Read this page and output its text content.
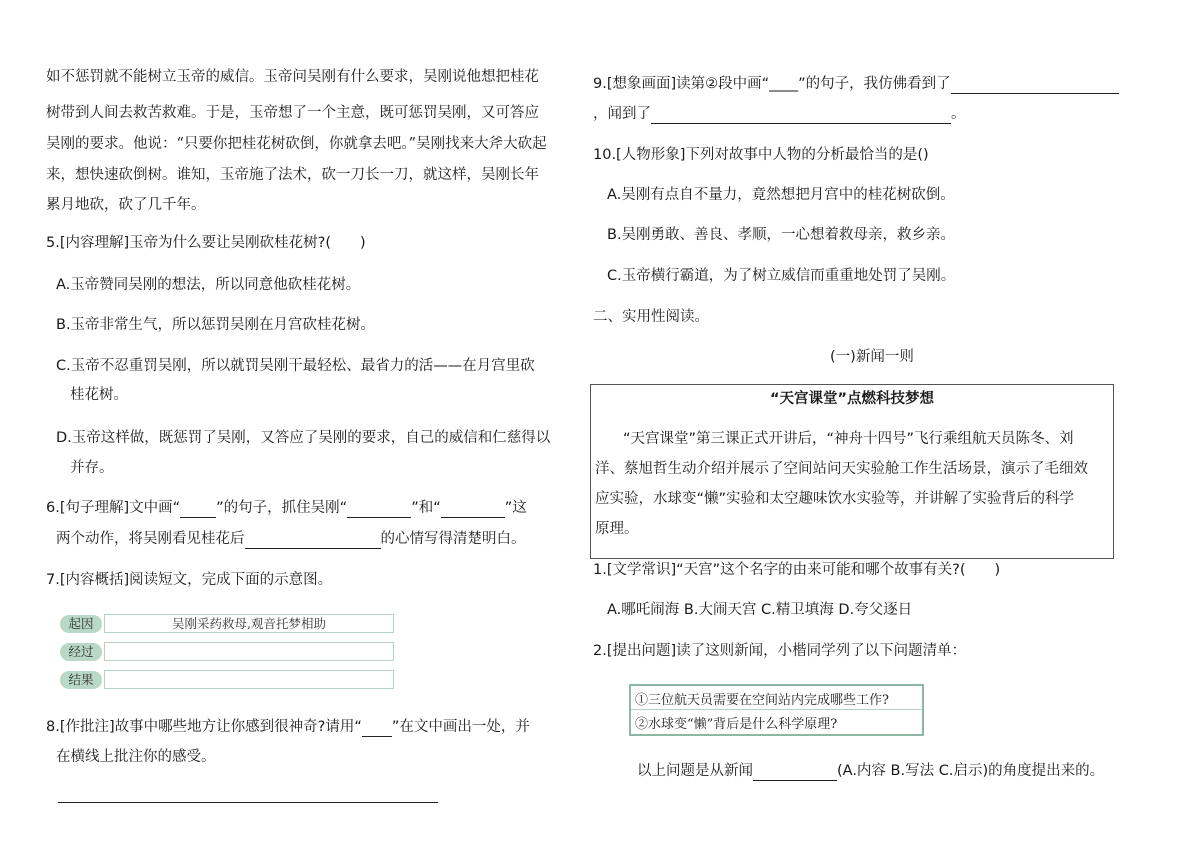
如不惩罚就不能树立玉帝的威信。玉帝问吴刚有什么要求，吴刚说他想把桂花
树带到人间去救苦救难。于是，玉帝想了一个主意，既可惩罚吴刚，又可答应
吴刚的要求。他说：“只要你把桂花树砍倒，你就拿去吧。”吴刚找来大斧大砍起
来，想快速砍倒树。谁知，玉帝施了法术，砍一刀长一刀，就这样，吴刚长年
累月地砍，砍了几千年。
5.[内容理解]玉帝为什么要让吴刚砍桂花树?(　　)
A.玉帝赞同吴刚的想法，所以同意他砍桂花树。
B.玉帝非常生气，所以惩罚吴刚在月宫砍桂花树。
C.玉帝不忍重罚吴刚，所以就罚吴刚干最轻松、最省力的活——在月宫里砍
桂花树。
D.玉帝这样做，既惩罚了吴刚，又答应了吴刚的要求，自己的威信和仁慈得以
并存。
6.[句子理解]文中画“ ”的句子，抓住吴刚“	”和“	”这
两个动作，将吴刚看见桂花后	的心情写得清楚明白。
7.[内容概括]阅读短文，完成下面的示意图。
起因	吴刚采药救母,观音托梦相助
经过
结果
8.[作批注]故事中哪些地方让你感到很神奇?请用“ ”在文中画出一处，并
在横线上批注你的感受。
9.[想象画面]读第②段中画“____”的句子，我仿佛看到了
，闻到了	。
10.[人物形象]下列对故事中人物的分析最恰当的是()
A.吴刚有点自不量力，竟然想把月宫中的桂花树砍倒。
B.吴刚勇敢、善良、孝顺，一心想着救母亲，救乡亲。
C.玉帝横行霸道，为了树立威信而重重地处罚了吴刚。
二、实用性阅读。
(一)新闻一则
“天宫课堂”点燃科技梦想
“天宫课堂”第三课正式开讲后，“神舟十四号”飞行乘组航天员陈冬、刘
洋、蔡旭哲生动介绍并展示了空间站问天实验舱工作生活场景，演示了毛细效
应实验，水球变“懒”实验和太空趣味饮水实验等，并讲解了实验背后的科学
原理。
1.[文学常识]“天宫”这个名字的由来可能和哪个故事有关?(　　)
A.哪吒闹海 B.大闹天宫 C.精卫填海 D.夸父逐日
2.[提出问题]读了这则新闻，小楷同学列了以下问题清单：
①三位航天员需要在空间站内完成哪些工作?
②水球变“懒”背后是什么科学原理?
以上问题是从新闻	(A.内容 B.写法 C.启示)的角度提出来的。
